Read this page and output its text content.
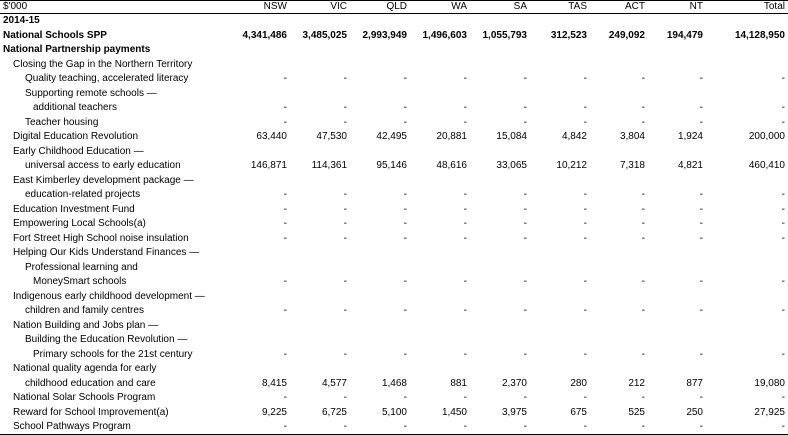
$'000	NSW	VIC	QLD	WA	SA	TAS	ACT	NT	Total
2014-15
National Schools SPP	4,341,486	3,485,025	2,993,949	1,496,603	1,055,793	312,523	249,092	194,479	14,128,950
National Partnership payments
Closing the Gap in the Northern Territory
Quality teaching, accelerated literacy	-	-	-	-	-	-	-	-	-
Supporting remote schools —
additional teachers	-	-	-	-	-	-	-	-	-
Teacher housing	-	-	-	-	-	-	-	-	-
Digital Education Revolution	63,440	47,530	42,495	20,881	15,084	4,842	3,804	1,924	200,000
Early Childhood Education —
universal access to early education	146,871	114,361	95,146	48,616	33,065	10,212	7,318	4,821	460,410
East Kimberley development package —
education-related projects	-	-	-	-	-	-	-	-	-
Education Investment Fund	-	-	-	-	-	-	-	-	-
Empowering Local Schools(a)	-	-	-	-	-	-	-	-	-
Fort Street High School noise insulation	-	-	-	-	-	-	-	-	-
Helping Our Kids Understand Finances —
Professional learning and
MoneySmart schools	-	-	-	-	-	-	-	-	-
Indigenous early childhood development —
children and family centres	-	-	-	-	-	-	-	-	-
Nation Building and Jobs plan —
Building the Education Revolution —
Primary schools for the 21st century	-	-	-	-	-	-	-	-	-
National quality agenda for early
childhood education and care	8,415	4,577	1,468	881	2,370	280	212	877	19,080
National Solar Schools Program	-	-	-	-	-	-	-	-	-
Reward for School Improvement(a)	9,225	6,725	5,100	1,450	3,975	675	525	250	27,925
School Pathways Program	-	-	-	-	-	-	-	-	-
